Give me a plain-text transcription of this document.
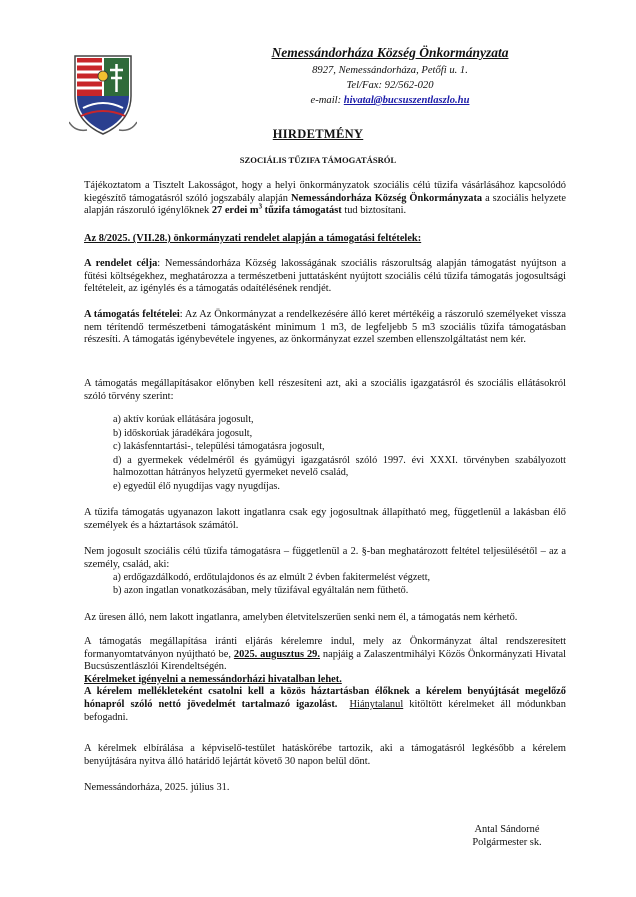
Nemessándorháza Község Önkormányzata
8927, Nemessándorháza, Petőfi u. 1.
Tel/Fax: 92/562-020
e-mail: hivatal@bucsuszentlaszlo.hu
HIRDETMÉNY
SZOCIÁLIS TŰZIFA TÁMOGATÁSRÓL

Tájékoztatom a Tisztelt Lakosságot, hogy a helyi önkormányzatok szociális célú tűzifa vásárlásához kapcsolódó kiegészítő támogatásról szóló jogszabály alapján Nemessándorháza Község Önkormányzata a szociális helyzete alapján rászoruló igénylőknek 27 erdei $m^3$ tűzifa támogatást tud biztosítani.

Az 8/2025. (VII.28.) önkormányzati rendelet alapján a támogatási feltételek:

A rendelet célja: Nemessándorháza Község lakosságának szociális rászorultság alapján támogatást nyújtson a fűtési költségekhez, meghatározza a természetbeni juttatásként nyújtott szociális célú tűzifa támogatás jogosultsági feltételeit, az igénylés és a támogatás odaítélésének rendjét.

A támogatás feltételei: Az Az Önkormányzat a rendelkezésére álló keret mértékéig a rászoruló személyeket vissza nem térítendő természetbeni támogatásként minimum 1 m3, de legfeljebb 5 m3 szociális tűzifa támogatásban részesíti. A támogatás igénybevétele ingyenes, az önkormányzat ezzel szemben ellenszolgáltatást nem kér.

A támogatás megállapításakor előnyben kell részesíteni azt, aki a szociális igazgatásról és szociális ellátásokról szóló törvény szerint:

a) aktív korúak ellátására jogosult,
b) időskorúak járadékára jogosult,
c) lakásfenntartási-, települési támogatásra jogosult,
d) a gyermekek védelméről és gyámügyi igazgatásról szóló 1997. évi XXXI. törvényben szabályozott halmozottan hátrányos helyzetű gyermeket nevelő család,
e) egyedül élő nyugdíjas vagy nyugdíjas.

A tűzifa támogatás ugyanazon lakott ingatlanra csak egy jogosultnak állapítható meg, függetlenül a lakásban élő személyek és a háztartások számától.

Nem jogosult szociális célú tűzifa támogatásra – függetlenül a 2. §-ban meghatározott feltétel teljesülésétől – az a személy, család, aki:

a) erdőgazdálkodó, erdőtulajdonos és az elmúlt 2 évben fakitermelést végzett,
b) azon ingatlan vonatkozásában, mely tűzifával egyáltalán nem fűthető.

Az üresen álló, nem lakott ingatlanra, amelyben életvitelszerűen senki nem él, a támogatás nem kérhető.

A támogatás megállapítása iránti eljárás kérelemre indul, mely az Önkormányzat által rendszeresített formanyomtatványon nyújtható be, 2025. augusztus 29. napjáig a Zalaszentmihályi Közös Önkormányzati Hivatal Bucsúszentlászlói Kirendeltségén.

Kérelmeket igényelni a nemessándorházi hivatalban lehet.

A kérelem mellékleteként csatolni kell a közös háztartásban élőknek a kérelem benyújtását megelőző hónapról szóló nettó jövedelmét tartalmazó igazolást. Hiánytalanul kitöltött kérelmeket áll módunkban befogadni.

A kérelmek elbírálása a képviselő-testület hatáskörébe tartozik, aki a támogatásról legkésőbb a kérelem benyújtására nyitva álló határidő lejártát követő 30 napon belül dönt.

Nemessándorháza, 2025. július 31.
Antal Sándorné
Polgármester sk.
